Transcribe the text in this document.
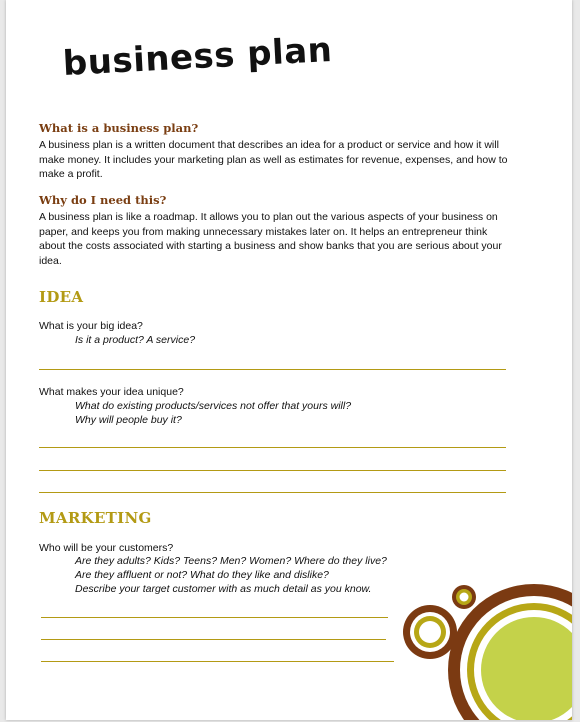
business plan
What is a business plan?
A business plan is a written document that describes an idea for a product or service and how it will make money. It includes your marketing plan as well as estimates for revenue, expenses, and how to make a profit.
Why do I need this?
A business plan is like a roadmap. It allows you to plan out the various aspects of your business on paper, and keeps you from making unnecessary mistakes later on. It helps an entrepreneur think about the costs associated with starting a business and show banks that you are serious about your idea.
IDEA
What is your big idea?
Is it a product? A service?
What makes your idea unique?
What do existing products/services not offer that yours will?
Why will people buy it?
MARKETING
Who will be your customers?
Are they adults? Kids? Teens? Men? Women? Where do they live?
Are they affluent or not? What do they like and dislike?
Describe your target customer with as much detail as you know.
